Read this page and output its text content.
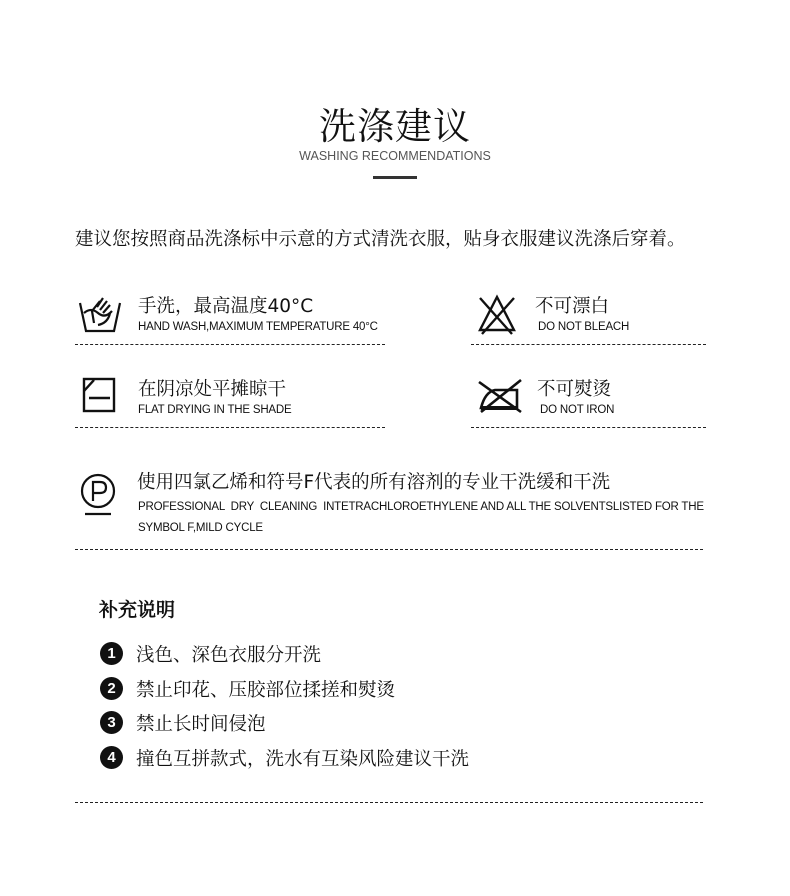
洗涤建议
WASHING RECOMMENDATIONS
建议您按照商品洗涤标中示意的方式清洗衣服，贴身衣服建议洗涤后穿着。
手洗，最高温度40°C
HAND WASH,MAXIMUM TEMPERATURE 40°C
不可漂白
DO NOT BLEACH
在阴凉处平摊晾干
FLAT DRYING IN THE SHADE
不可熨烫
DO NOT IRON
使用四氯乙烯和符号F代表的所有溶剂的专业干洗缓和干洗
PROFESSIONAL  DRY  CLEANING  INTETRACHLOROETHYLENE AND ALL THE SOLVENTSLISTED FOR THE
SYMBOL F,MILD CYCLE
补充说明
1	浅色、深色衣服分开洗
2	禁止印花、压胶部位揉搓和熨烫
3	禁止长时间侵泡
4	撞色互拼款式，洗水有互染风险建议干洗
